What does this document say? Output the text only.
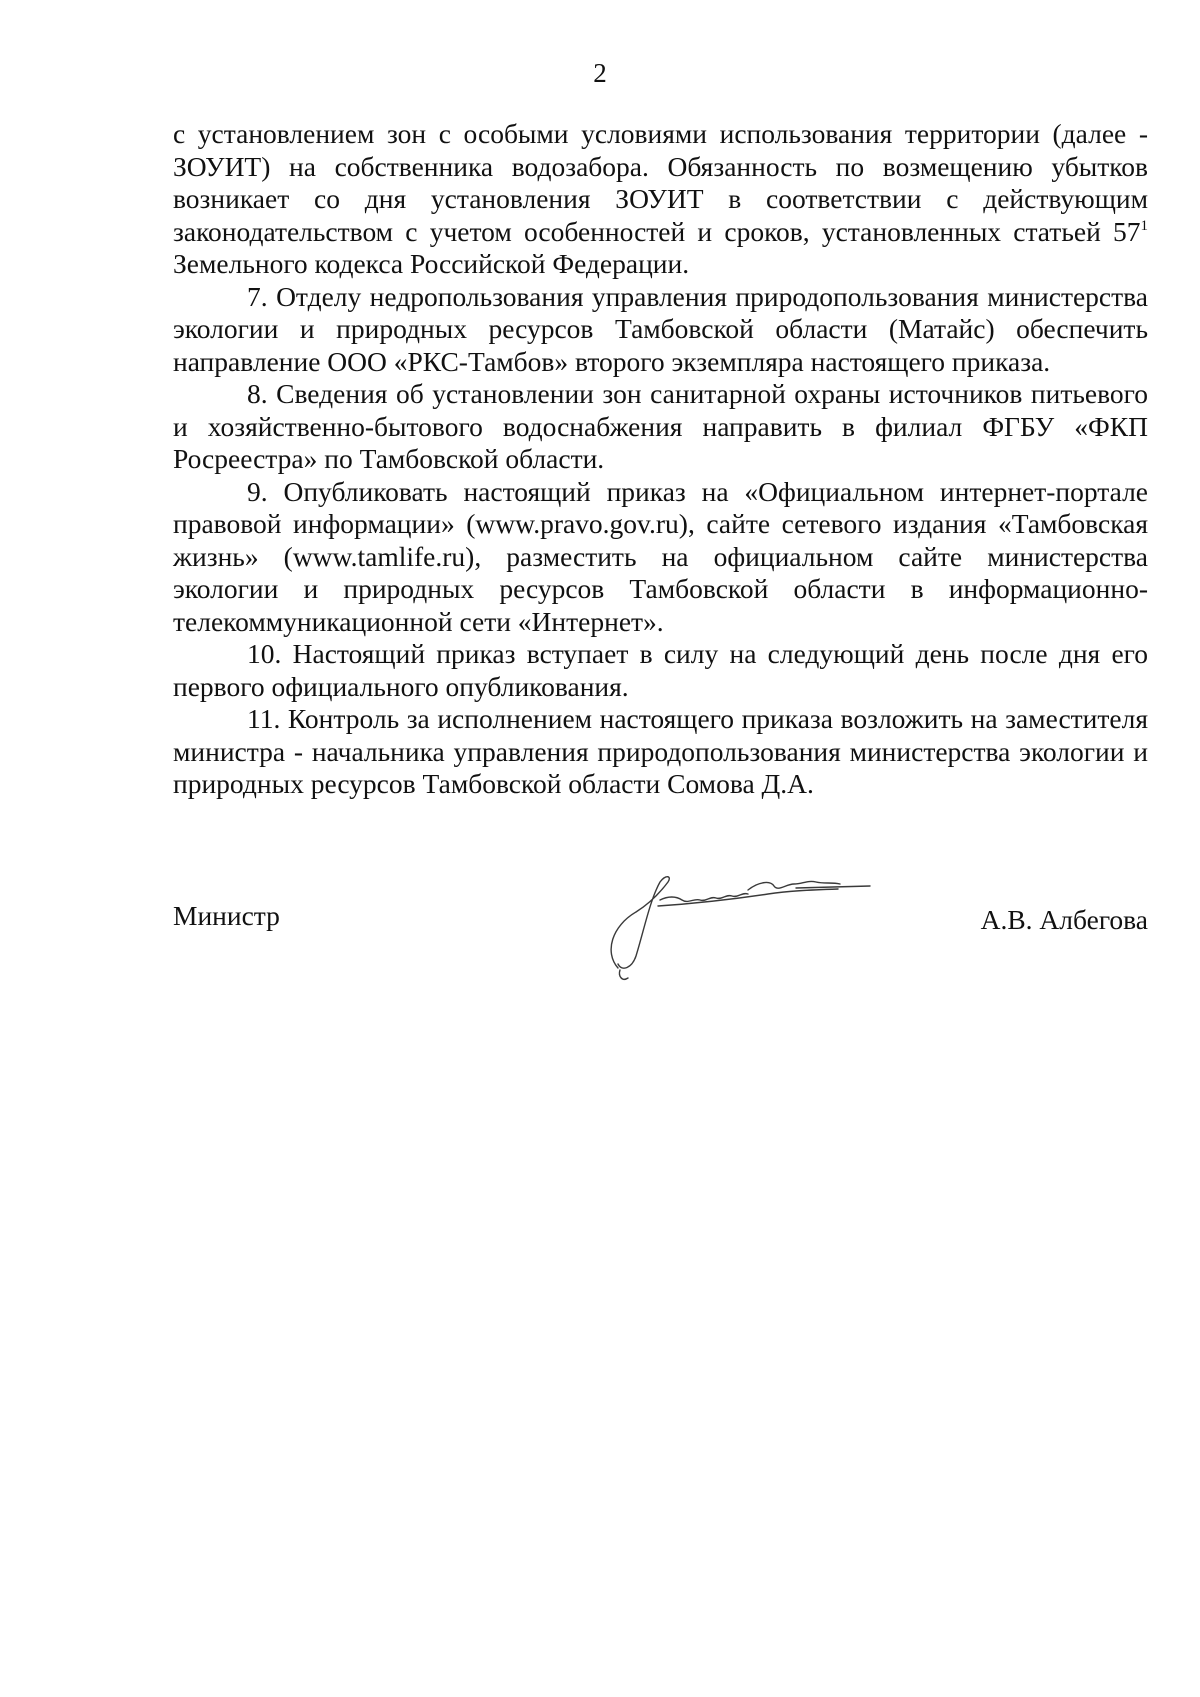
2

с установлением зон с особыми условиями использования территории (далее - ЗОУИТ) на собственника водозабора. Обязанность по возмещению убытков возникает со дня установления ЗОУИТ в соответствии с действующим законодательством с учетом особенностей и сроков, установленных статьей $57^1$ Земельного кодекса Российской Федерации.

7. Отделу недропользования управления природопользования министерства экологии и природных ресурсов Тамбовской области (Матайс) обеспечить направление ООО «РКС-Тамбов» второго экземпляра настоящего приказа.

8. Сведения об установлении зон санитарной охраны источников питьевого и хозяйственно-бытового водоснабжения направить в филиал ФГБУ «ФКП Росреестра» по Тамбовской области.

9. Опубликовать настоящий приказ на «Официальном интернет-портале правовой информации» (www.pravo.gov.ru), сайте сетевого издания «Тамбовская жизнь» (www.tamlife.ru), разместить на официальном сайте министерства экологии и природных ресурсов Тамбовской области в информационно-телекоммуникационной сети «Интернет».

10. Настоящий приказ вступает в силу на следующий день после дня его первого официального опубликования.

11. Контроль за исполнением настоящего приказа возложить на заместителя министра - начальника управления природопользования министерства экологии и природных ресурсов Тамбовской области Сомова Д.А.

Министр	А.В. Албегова
